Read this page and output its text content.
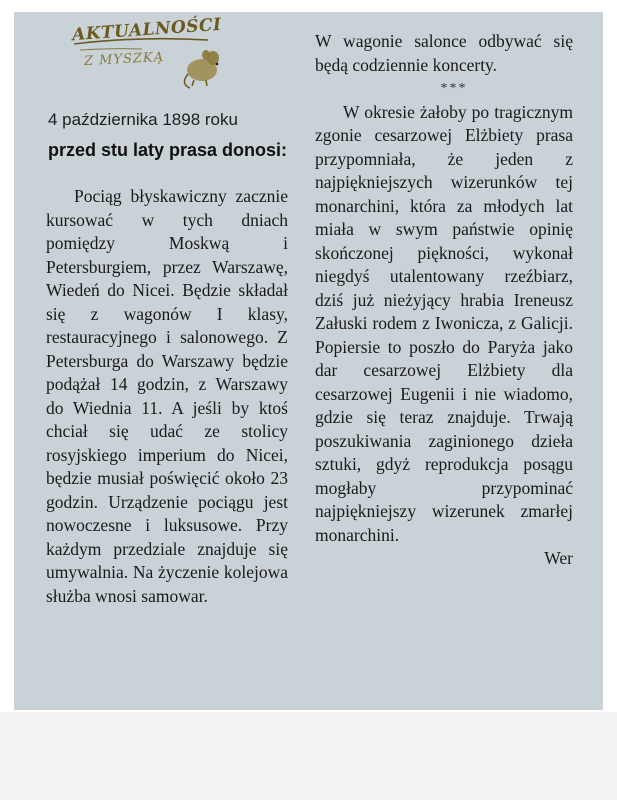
AKTUALNOŚCI
Z MYSZKĄ
4 października 1898 roku
przed stu laty prasa donosi:

Pociąg błyskawiczny zacznie kursować w tych dniach pomiędzy Moskwą i Petersburgiem, przez Warszawę, Wiedeń do Nicei. Będzie składał się z wagonów I klasy, restauracyjnego i salonowego. Z Petersburga do Warszawy będzie podążał 14 godzin, z Warszawy do Wiednia 11. A jeśli by ktoś chciał się udać ze stolicy rosyjskiego imperium do Nicei, będzie musiał poświęcić około 23 godzin. Urządzenie pociągu jest nowoczesne i luksusowe. Przy każdym przedziale znajduje się umywalnia. Na życzenie kolejowa służba wnosi samowar.

W wagonie salonce odbywać się będą codziennie koncerty.

***

W okresie żałoby po tragicznym zgonie cesarzowej Elżbiety prasa przypomniała, że jeden z najpiękniejszych wizerunków tej monarchini, która za młodych lat miała w swym państwie opinię skończonej piękności, wykonał niegdyś utalentowany rzeźbiarz, dziś już nieżyjący hrabia Ireneusz Załuski rodem z Iwonicza, z Galicji. Popiersie to poszło do Paryża jako dar cesarzowej Elżbiety dla cesarzowej Eugenii i nie wiadomo, gdzie się teraz znajduje. Trwają poszukiwania zaginionego dzieła sztuki, gdyż reprodukcja posągu mogłaby przypominać najpiękniejszy wizerunek zmarłej monarchini.

Wer
